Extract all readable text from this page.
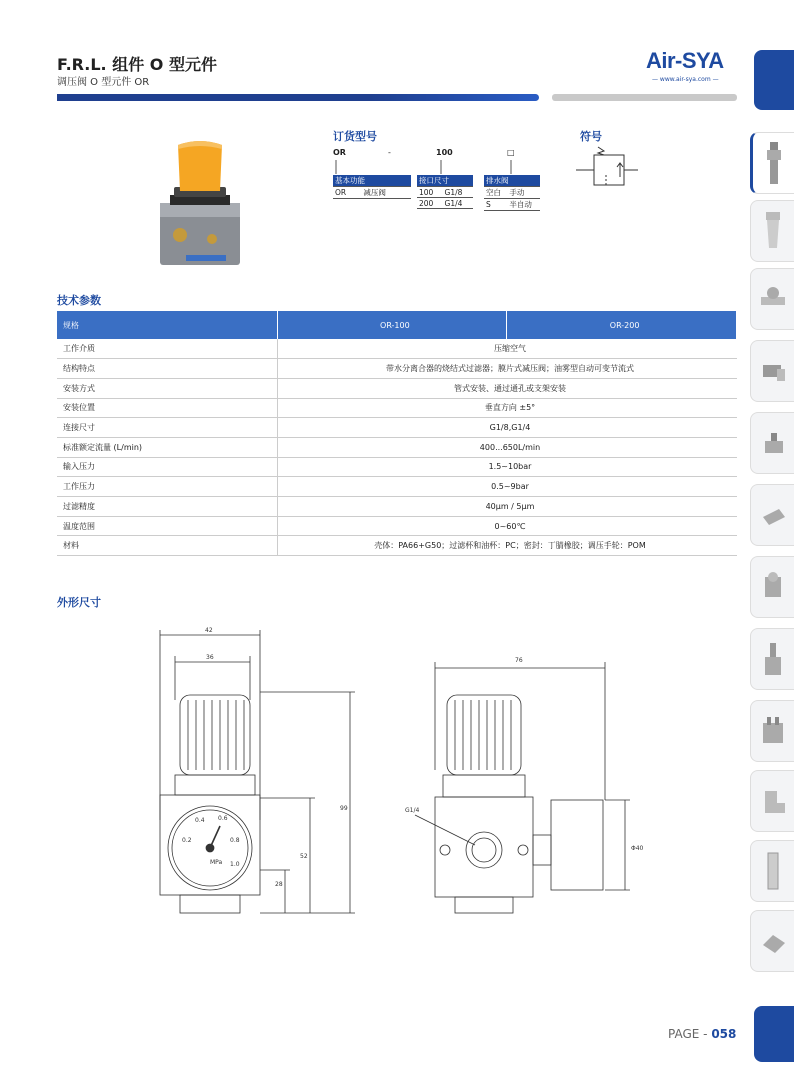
F.R.L. 组件 O 型元件
调压阀 O 型元件 OR
Air-SYA
— www.air-sya.com —
订货型号
OR	-	100	□
基本功能
OR	减压阀
接口尺寸	
100	G1/8
200	G1/4
排水阀	
空白	手动
S	半自动
符号
技术参数
规格	OR-100	OR-200
工作介质	压缩空气	
结构特点	带水分离合器的烧结式过滤器；膜片式减压阀；油雾型自动可变节流式	
安装方式	管式安装、通过通孔或支架安装	
安装位置	垂直方向 ±5°	
连接尺寸	G1/8,G1/4	
标准额定流量 (L/min)	400...650L/min	
输入压力	1.5~10bar	
工作压力	0.5~9bar	
过滤精度	40μm / 5μm	
温度范围	0~60℃	
材料	壳体：PA66+G50；过滤杯和油杯：PC；密封：丁腈橡胶；调压手轮：POM	
外形尺寸
42
36
99
52
28
0.4 0.6
0.2	0.8
1.0
MPa
76
G1/4
Φ40
PAGE - 058
